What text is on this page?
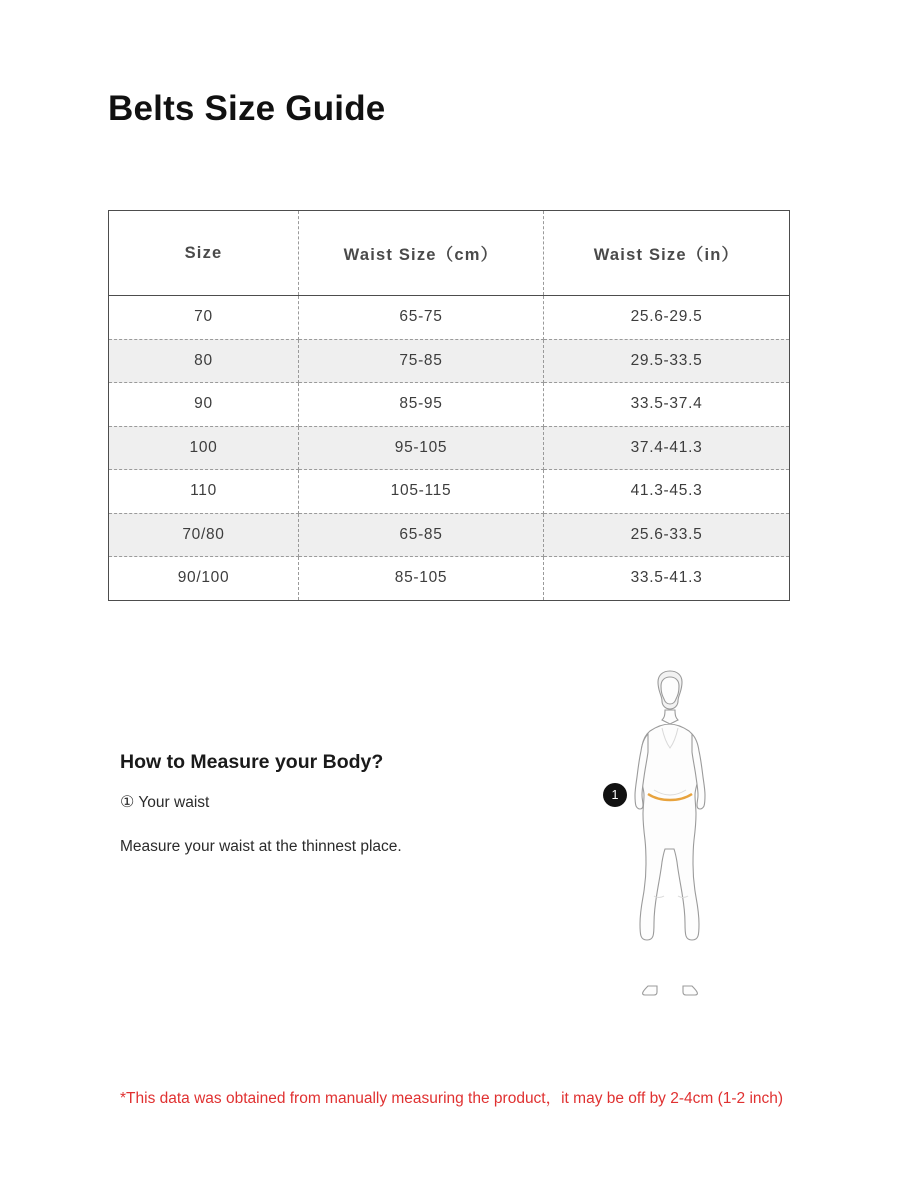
Belts Size Guide
Size	Waist Size（cm）	Waist Size（in）
70	65-75	25.6-29.5
80	75-85	29.5-33.5
90	85-95	33.5-37.4
100	95-105	37.4-41.3
110	105-115	41.3-45.3
70/80	65-85	25.6-33.5
90/100	85-105	33.5-41.3
How to Measure your Body?
① Your waist
Measure your waist at the thinnest place.
1
*This data was obtained from manually measuring the product，it may be off by 2-4cm (1-2 inch)
